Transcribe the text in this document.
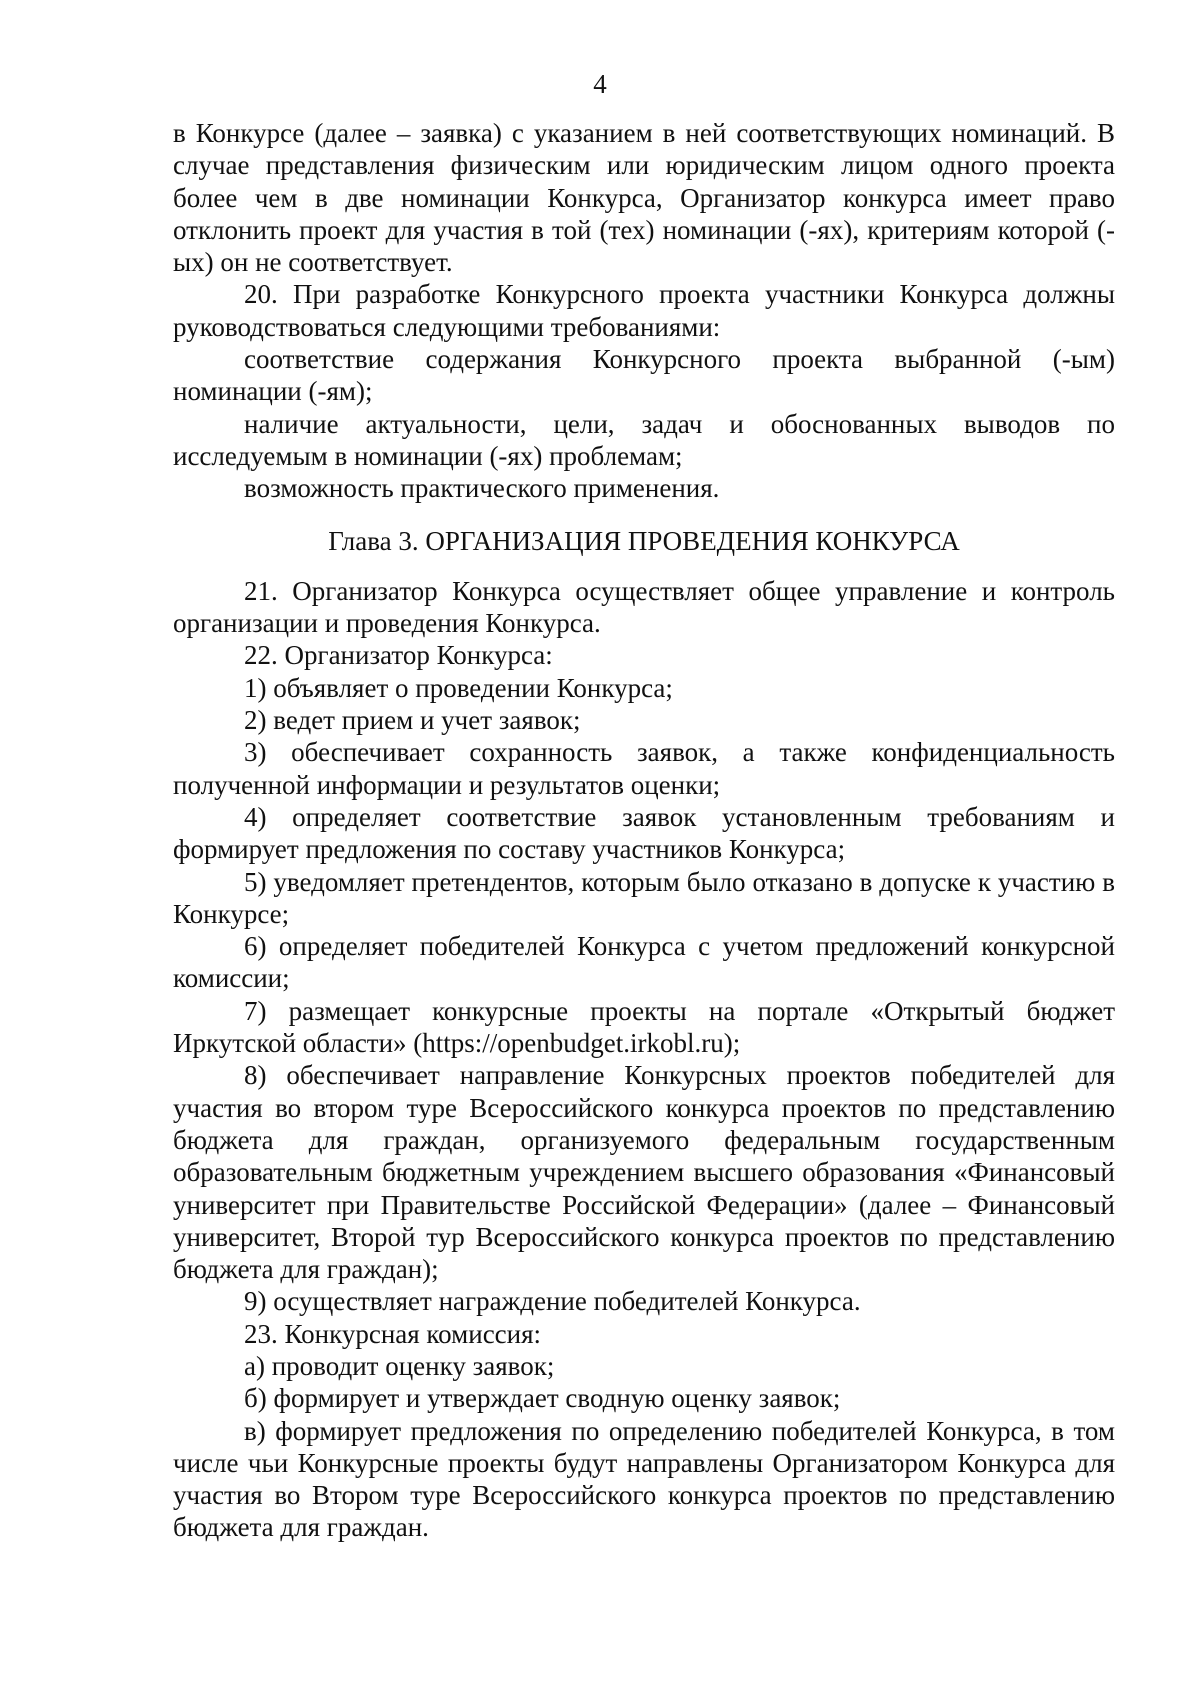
4

в Конкурсе (далее – заявка) с указанием в ней соответствующих номинаций. В случае представления физическим или юридическим лицом одного проекта более чем в две номинации Конкурса, Организатор конкурса имеет право отклонить проект для участия в той (тех) номинации (-ях), критериям которой (-ых) он не соответствует.

20. При разработке Конкурсного проекта участники Конкурса должны руководствоваться следующими требованиями:

соответствие содержания Конкурсного проекта выбранной (-ым) номинации (-ям);

наличие актуальности, цели, задач и обоснованных выводов по исследуемым в номинации (-ях) проблемам;

возможность практического применения.

Глава 3. ОРГАНИЗАЦИЯ ПРОВЕДЕНИЯ КОНКУРСА

21. Организатор Конкурса осуществляет общее управление и контроль организации и проведения Конкурса.

22. Организатор Конкурса:

1) объявляет о проведении Конкурса;

2) ведет прием и учет заявок;

3) обеспечивает сохранность заявок, а также конфиденциальность полученной информации и результатов оценки;

4) определяет соответствие заявок установленным требованиям и формирует предложения по составу участников Конкурса;

5) уведомляет претендентов, которым было отказано в допуске к участию в Конкурсе;

6) определяет победителей Конкурса с учетом предложений конкурсной комиссии;

7) размещает конкурсные проекты на портале «Открытый бюджет Иркутской области» (https://openbudget.irkobl.ru);

8) обеспечивает направление Конкурсных проектов победителей для участия во втором туре Всероссийского конкурса проектов по представлению бюджета для граждан, организуемого федеральным государственным образовательным бюджетным учреждением высшего образования «Финансовый университет при Правительстве Российской Федерации» (далее – Финансовый университет, Второй тур Всероссийского конкурса проектов по представлению бюджета для граждан);

9) осуществляет награждение победителей Конкурса.

23. Конкурсная комиссия:

а) проводит оценку заявок;

б) формирует и утверждает сводную оценку заявок;

в) формирует предложения по определению победителей Конкурса, в том числе чьи Конкурсные проекты будут направлены Организатором Конкурса для участия во Втором туре Всероссийского конкурса проектов по представлению бюджета для граждан.
